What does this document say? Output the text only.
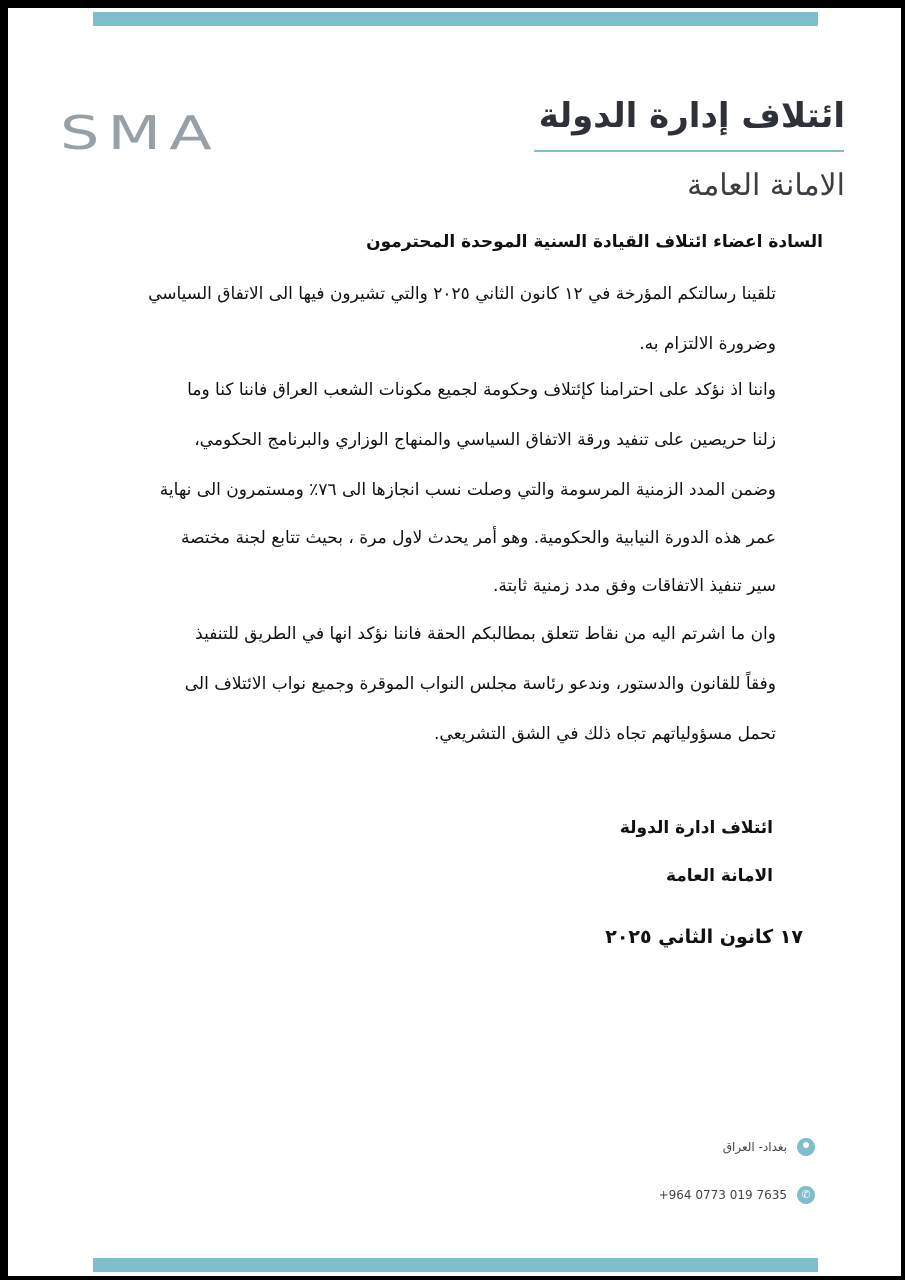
SMA	ائتلاف إدارة الدولة
الامانة العامة
السادة اعضاء ائتلاف القيادة السنية الموحدة المحترمون
تلقينا رسالتكم المؤرخة في ١٢ كانون الثاني ٢٠٢٥ والتي تشيرون فيها الى الاتفاق السياسي
وضرورة الالتزام به.
واننا اذ نؤكد على احترامنا كإئتلاف وحكومة لجميع مكونات الشعب العراق فاننا كنا وما
زلنا حريصين على تنفيد ورقة الاتفاق السياسي والمنهاج الوزاري والبرنامج الحكومي،
وضمن المدد الزمنية المرسومة والتي وصلت نسب انجازها الى ٧٦٪ ومستمرون الى نهاية
عمر هذه الدورة النيابية والحكومية. وهو أمر يحدث لاول مرة ، بحيث تتابع لجنة مختصة
سير تنفيذ الاتفاقات وفق مدد زمنية ثابتة.
وان ما اشرتم اليه من نقاط تتعلق بمطالبكم الحقة فاننا نؤكد انها في الطريق للتنفيذ
وفقاً للقانون والدستور، وندعو رئاسة مجلس النواب الموقرة وجميع نواب الائتلاف الى
تحمل مسؤولياتهم تجاه ذلك في الشق التشريعي.
ائتلاف ادارة الدولة
الامانة العامة
١٧ كانون الثاني ٢٠٢٥
بغداد- العراق
✆
+964 0773 019 7635
